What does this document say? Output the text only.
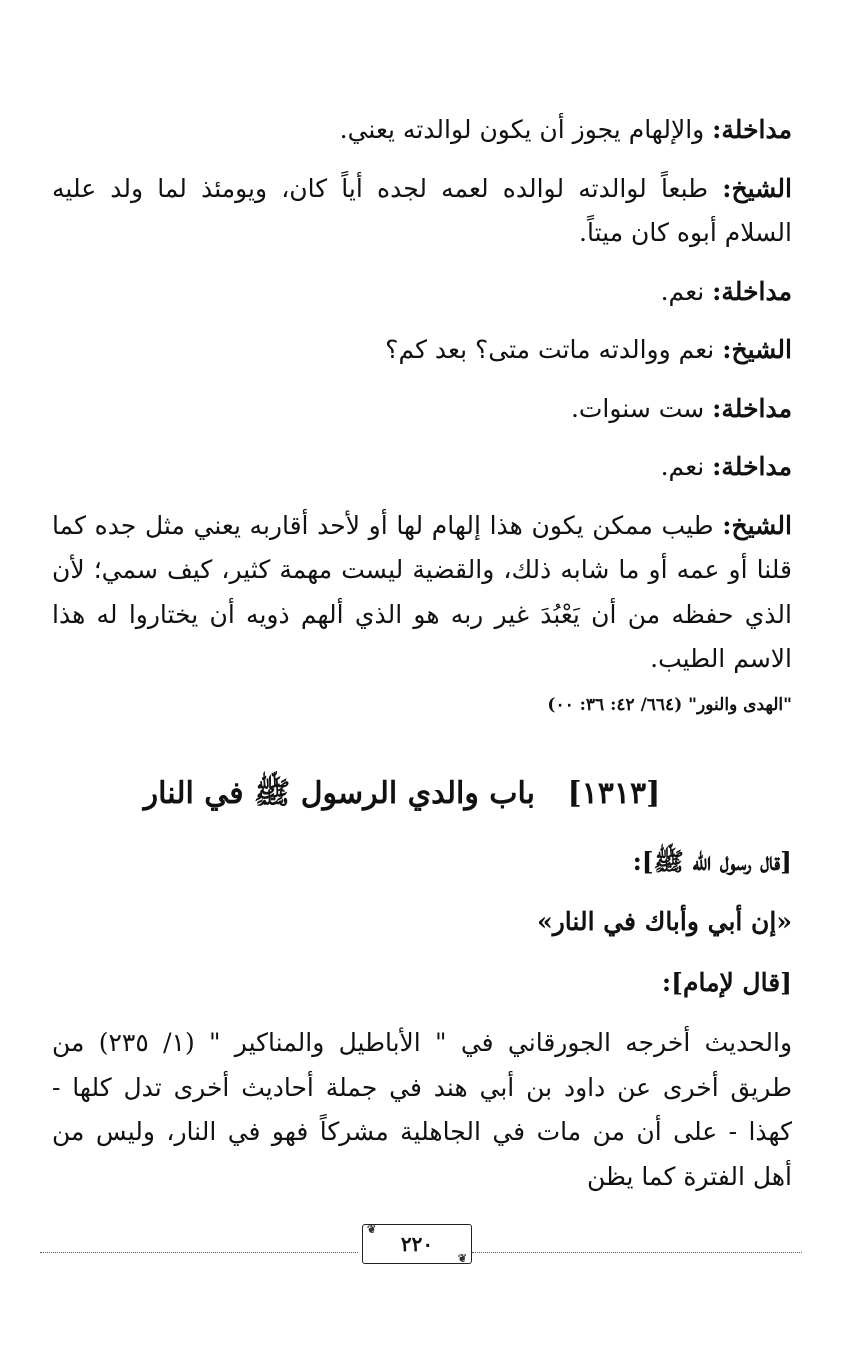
مداخلة: والإلهام يجوز أن يكون لوالدته يعني.

الشيخ: طبعاً لوالدته لوالده لعمه لجده أياً كان، ويومئذ لما ولد عليه السلام أبوه كان ميتاً.

مداخلة: نعم.

الشيخ: نعم ووالدته ماتت متى؟ بعد كم؟

مداخلة: ست سنوات.

مداخلة: نعم.

الشيخ: طيب ممكن يكون هذا إلهام لها أو لأحد أقاربه يعني مثل جده كما قلنا أو عمه أو ما شابه ذلك، والقضية ليست مهمة كثير، كيف سمي؛ لأن الذي حفظه من أن يَعْبُدَ غير ربه هو الذي ألهم ذويه أن يختاروا له هذا الاسم الطيب.

"الهدى والنور" (٦٦٤/ ٤٢: ٣٦: ٠٠)

[١٣١٣] باب والدي الرسول ﷺ في النار

[قال رسول الله ﷺ]:

«إن أبي وأباك في النار»

[قال لإمام]:

والحديث أخرجه الجورقاني في " الأباطيل والمناكير " (١/ ٢٣٥) من طريق أخرى عن داود بن أبي هند في جملة أحاديث أخرى تدل كلها - كهذا - على أن من مات في الجاهلية مشركاً فهو في النار، وليس من أهل الفترة كما يظن

❦
٢٢٠
❦
